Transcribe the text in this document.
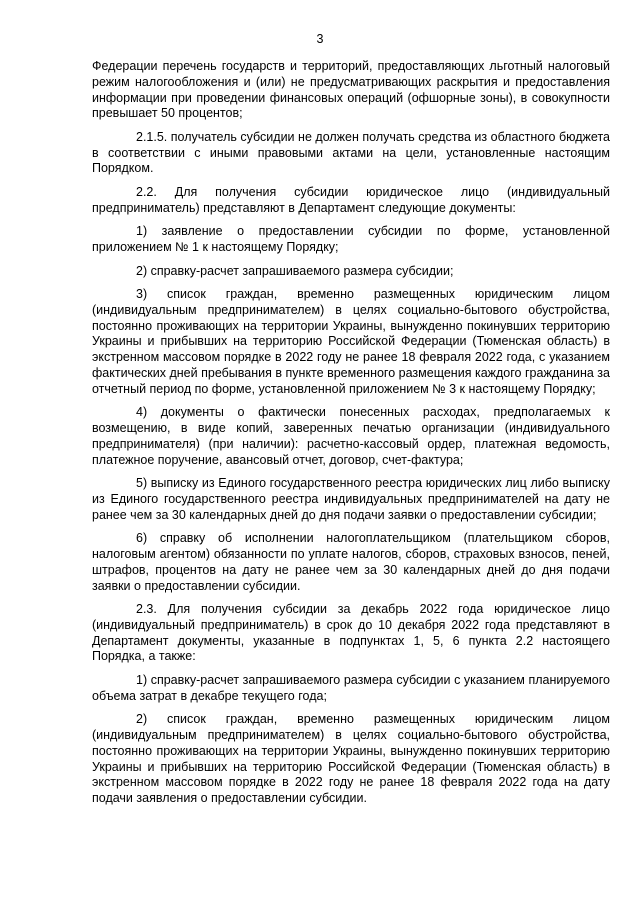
3

Федерации перечень государств и территорий, предоставляющих льготный налоговый режим налогообложения и (или) не предусматривающих раскрытия и предоставления информации при проведении финансовых операций (офшорные зоны), в совокупности превышает 50 процентов;

2.1.5. получатель субсидии не должен получать средства из областного бюджета в соответствии с иными правовыми актами на цели, установленные настоящим Порядком.

2.2. Для получения субсидии юридическое лицо (индивидуальный предприниматель) представляют в Департамент следующие документы:

1) заявление о предоставлении субсидии по форме, установленной приложением № 1 к настоящему Порядку;

2) справку-расчет запрашиваемого размера субсидии;

3) список граждан, временно размещенных юридическим лицом (индивидуальным предпринимателем) в целях социально-бытового обустройства, постоянно проживающих на территории Украины, вынужденно покинувших территорию Украины и прибывших на территорию Российской Федерации (Тюменская область) в экстренном массовом порядке в 2022 году не ранее 18 февраля 2022 года, с указанием фактических дней пребывания в пункте временного размещения каждого гражданина за отчетный период по форме, установленной приложением № 3 к настоящему Порядку;

4) документы о фактически понесенных расходах, предполагаемых к возмещению, в виде копий, заверенных печатью организации (индивидуального предпринимателя) (при наличии): расчетно-кассовый ордер, платежная ведомость, платежное поручение, авансовый отчет, договор, счет-фактура;

5) выписку из Единого государственного реестра юридических лиц либо выписку из Единого государственного реестра индивидуальных предпринимателей на дату не ранее чем за 30 календарных дней до дня подачи заявки о предоставлении субсидии;

6) справку об исполнении налогоплательщиком (плательщиком сборов, налоговым агентом) обязанности по уплате налогов, сборов, страховых взносов, пеней, штрафов, процентов на дату не ранее чем за 30 календарных дней до дня подачи заявки о предоставлении субсидии.

2.3. Для получения субсидии за декабрь 2022 года юридическое лицо (индивидуальный предприниматель) в срок до 10 декабря 2022 года представляют в Департамент документы, указанные в подпунктах 1, 5, 6 пункта 2.2 настоящего Порядка, а также:

1) справку-расчет запрашиваемого размера субсидии с указанием планируемого объема затрат в декабре текущего года;

2) список граждан, временно размещенных юридическим лицом (индивидуальным предпринимателем) в целях социально-бытового обустройства, постоянно проживающих на территории Украины, вынужденно покинувших территорию Украины и прибывших на территорию Российской Федерации (Тюменская область) в экстренном массовом порядке в 2022 году не ранее 18 февраля 2022 года на дату подачи заявления о предоставлении субсидии.
